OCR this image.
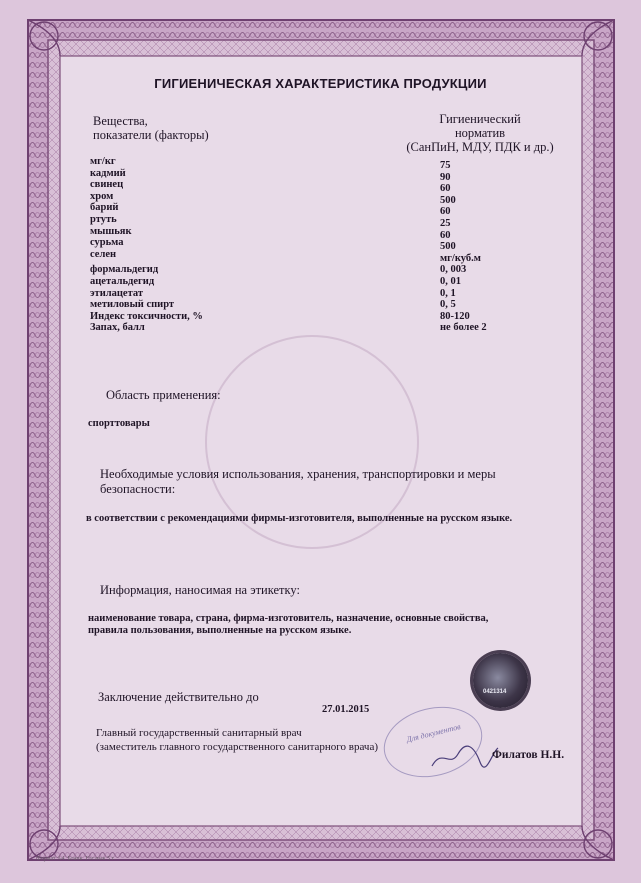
ГИГИЕНИЧЕСКАЯ ХАРАКТЕРИСТИКА ПРОДУКЦИИ
Вещества,
показатели (факторы)
Гигиенический
норматив
(СанПиН, МДУ, ПДК и др.)
мг/кг
кадмий
свинец
хром
барий
ртуть
мышьяк
сурьма
селен
формальдегид
ацетальдегид
этилацетат
метиловый спирт
Индекс токсичности, %
Запах, балл
75
90
60
500
60
25
60
500
мг/куб.м
0, 003
0, 01
0, 1
0, 5
80-120
не более 2
Область применения:
спорттовары
Необходимые условия использования, хранения, транспортировки и меры
безопасности:
в соответствии с рекомендациями фирмы-изготовителя, выполненные на русском языке.
Информация, наносимая на этикетку:
наименование товара, страна, фирма-изготовитель, назначение, основные свойства,
правила пользования, выполненные на русском языке.
0421314
Заключение действительно до
27.01.2015
Главный государственный санитарный врач
(заместитель главного государственного санитарного врача)
Для документов
Филатов Н.Н.
Формат А4. Бланк. Госзнак 5 г.
